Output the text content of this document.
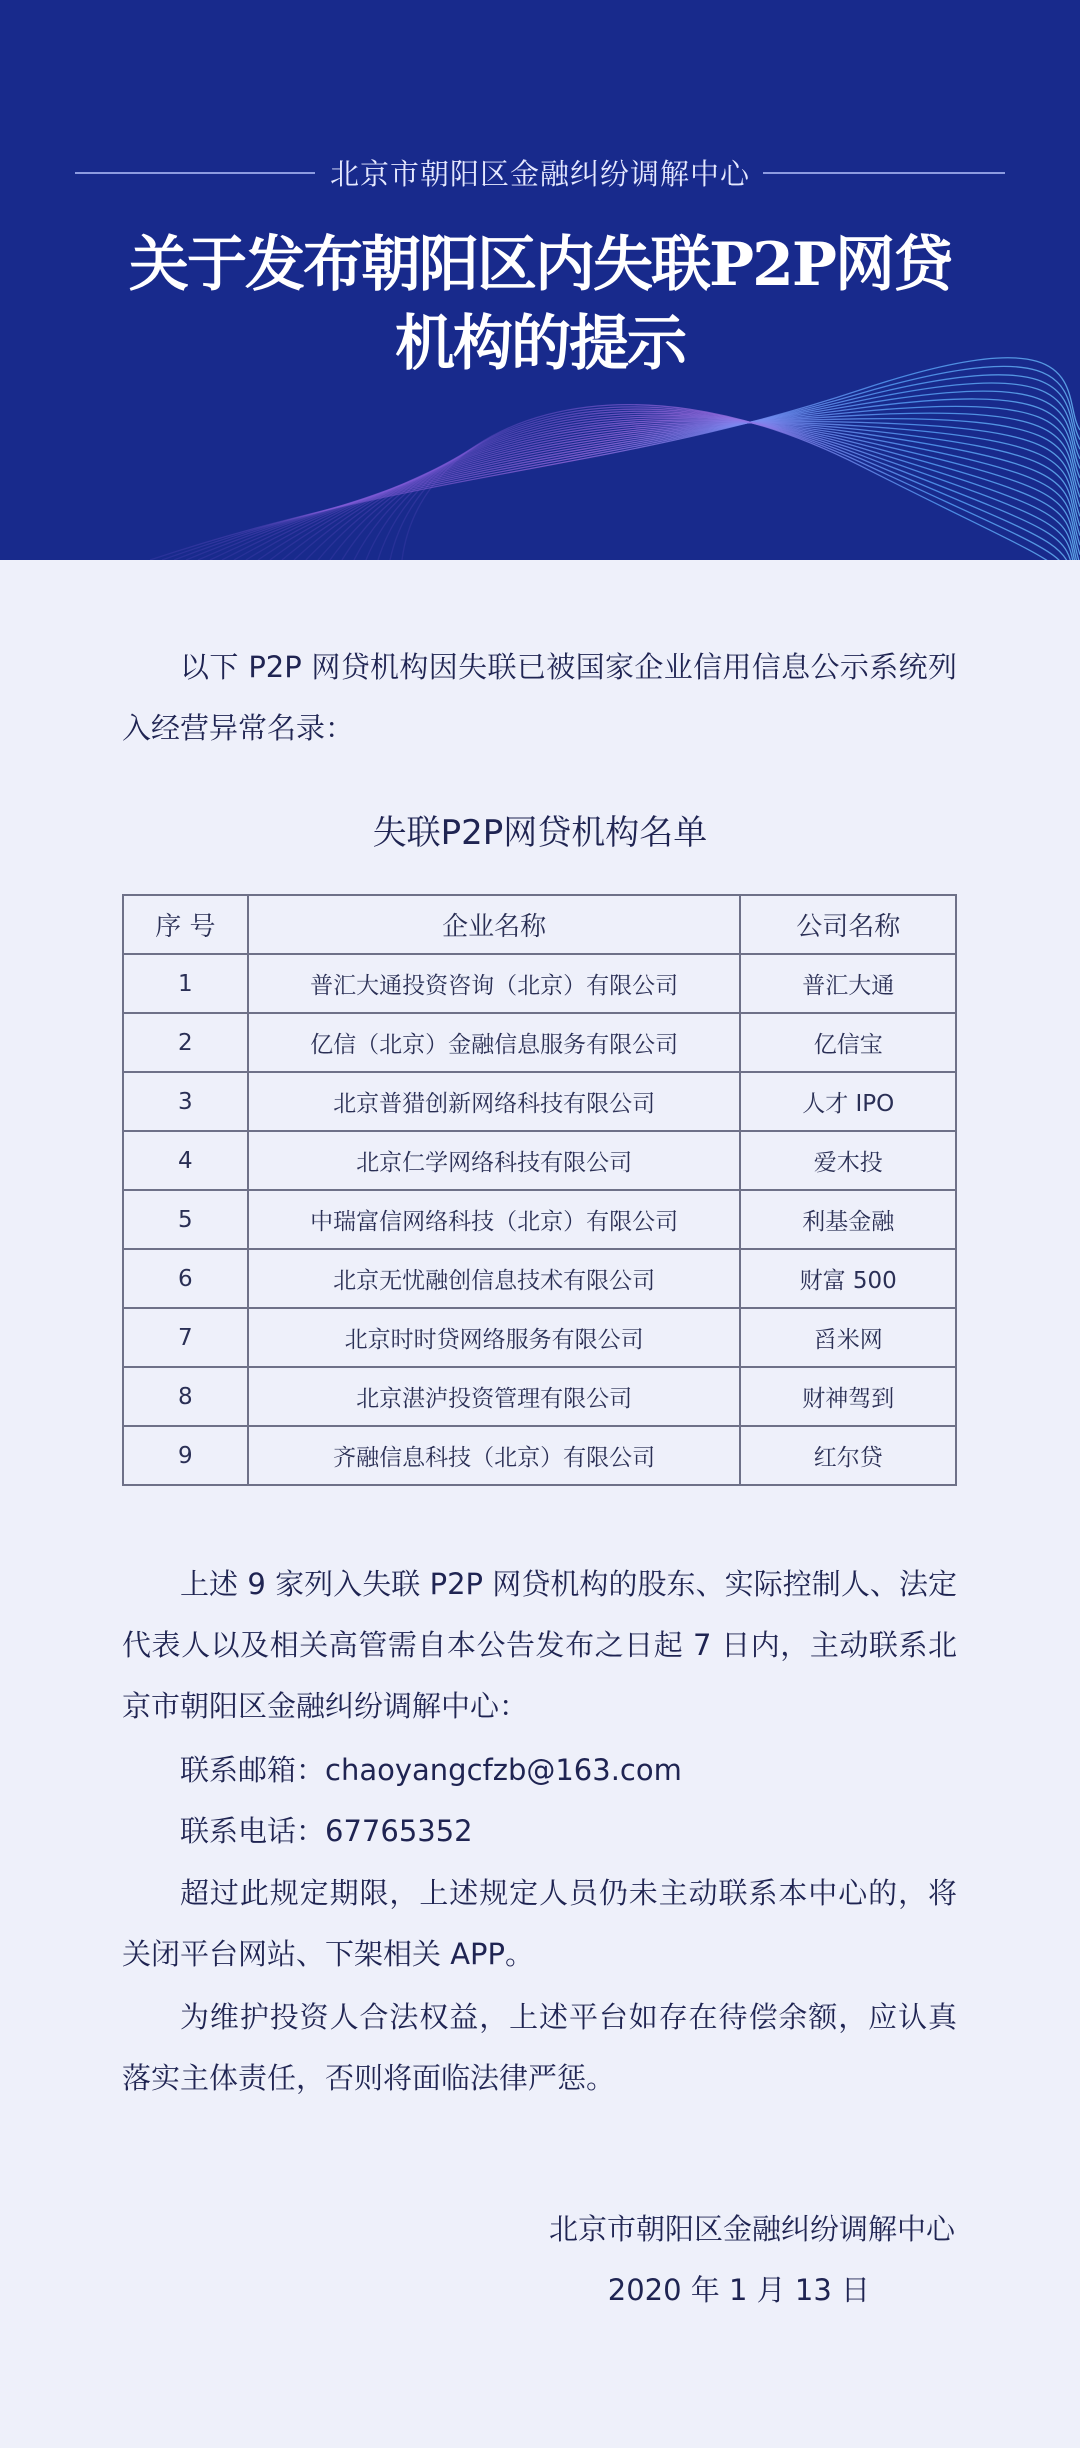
北京市朝阳区金融纠纷调解中心
关于发布朝阳区内失联P2P网贷
机构的提示
以下 P2P 网贷机构因失联已被国家企业信用信息公示系统列入经营异常名录：
失联P2P网贷机构名单
序 号	企业名称	公司名称
1	普汇大通投资咨询（北京）有限公司	普汇大通
2	亿信（北京）金融信息服务有限公司	亿信宝
3	北京普猎创新网络科技有限公司	人才 IPO
4	北京仁学网络科技有限公司	爱木投
5	中瑞富信网络科技（北京）有限公司	利基金融
6	北京无忧融创信息技术有限公司	财富 500
7	北京时时贷网络服务有限公司	舀米网
8	北京湛泸投资管理有限公司	财神驾到
9	齐融信息科技（北京）有限公司	红尔贷
上述 9 家列入失联 P2P 网贷机构的股东、实际控制人、法定代表人以及相关高管需自本公告发布之日起 7 日内，主动联系北京市朝阳区金融纠纷调解中心：
联系邮箱：chaoyangcfzb@163.com
联系电话：67765352
超过此规定期限，上述规定人员仍未主动联系本中心的，将关闭平台网站、下架相关 APP。
为维护投资人合法权益，上述平台如存在待偿余额，应认真落实主体责任，否则将面临法律严惩。
北京市朝阳区金融纠纷调解中心
2020 年 1 月 13 日
